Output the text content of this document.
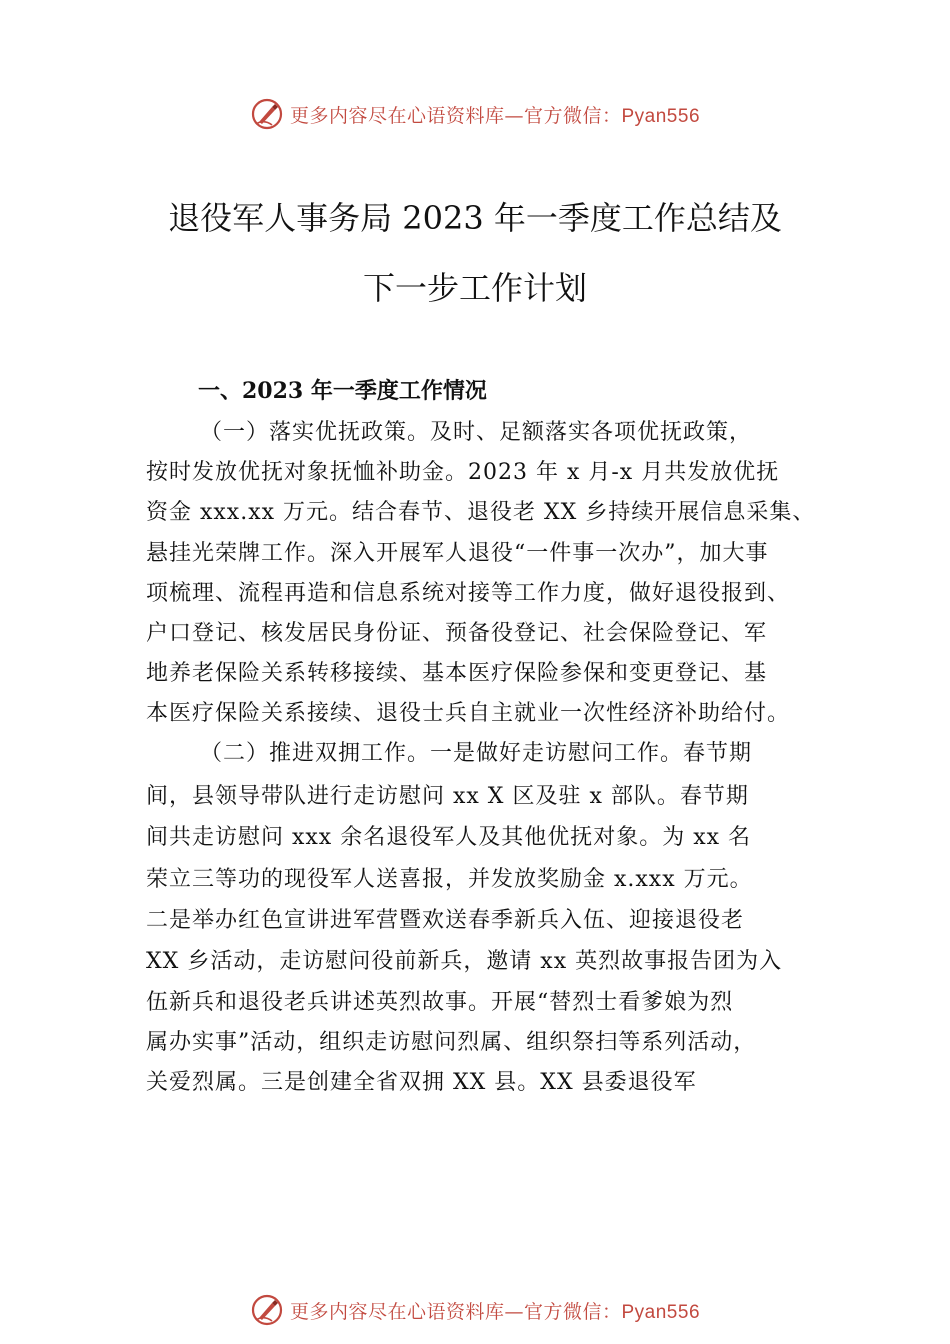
更多内容尽在心语资料库—官方微信：Pyan556
退役军人事务局 2023 年一季度工作总结及
下一步工作计划
一、2023 年一季度工作情况
（一）落实优抚政策。及时、足额落实各项优抚政策，
按时发放优抚对象抚恤补助金。2023 年 x 月-x 月共发放优抚
资金 xxx.xx 万元。结合春节、退役老 XX 乡持续开展信息采集、
悬挂光荣牌工作。深入开展军人退役“一件事一次办”，加大事
项梳理、流程再造和信息系统对接等工作力度，做好退役报到、
户口登记、核发居民身份证、预备役登记、社会保险登记、军
地养老保险关系转移接续、基本医疗保险参保和变更登记、基
本医疗保险关系接续、退役士兵自主就业一次性经济补助给付。
（二）推进双拥工作。一是做好走访慰问工作。春节期
间，县领导带队进行走访慰问 xx X 区及驻 x 部队。春节期
间共走访慰问 xxx 余名退役军人及其他优抚对象。为 xx 名
荣立三等功的现役军人送喜报，并发放奖励金 x.xxx 万元。
二是举办红色宣讲进军营暨欢送春季新兵入伍、迎接退役老
XX 乡活动，走访慰问役前新兵，邀请 xx 英烈故事报告团为入
伍新兵和退役老兵讲述英烈故事。开展“替烈士看爹娘为烈
属办实事”活动，组织走访慰问烈属、组织祭扫等系列活动，
关爱烈属。三是创建全省双拥 XX 县。XX 县委退役军
更多内容尽在心语资料库—官方微信：Pyan556
